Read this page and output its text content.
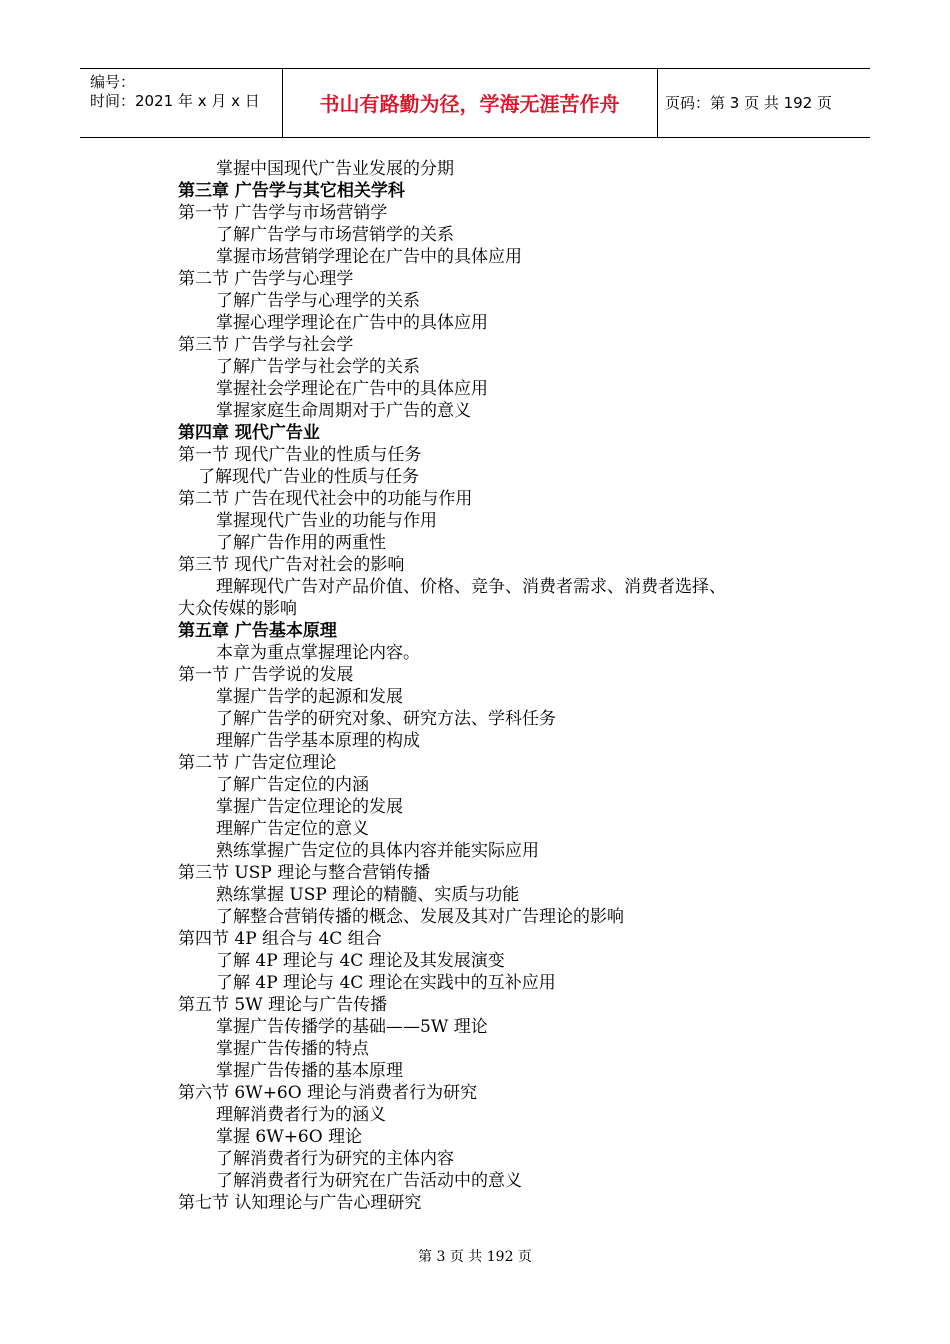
编号：
时间：2021 年 x 月 x 日	书山有路勤为径，学海无涯苦作舟	页码：第 3 页 共 192 页
掌握中国现代广告业发展的分期
第三章 广告学与其它相关学科
第一节 广告学与市场营销学
了解广告学与市场营销学的关系
掌握市场营销学理论在广告中的具体应用
第二节 广告学与心理学
了解广告学与心理学的关系
掌握心理学理论在广告中的具体应用
第三节 广告学与社会学
了解广告学与社会学的关系
掌握社会学理论在广告中的具体应用
掌握家庭生命周期对于广告的意义
第四章 现代广告业
第一节 现代广告业的性质与任务
了解现代广告业的性质与任务
第二节 广告在现代社会中的功能与作用
掌握现代广告业的功能与作用
了解广告作用的两重性
第三节 现代广告对社会的影响
理解现代广告对产品价值、价格、竞争、消费者需求、消费者选择、
大众传媒的影响
第五章 广告基本原理
本章为重点掌握理论内容。
第一节 广告学说的发展
掌握广告学的起源和发展
了解广告学的研究对象、研究方法、学科任务
理解广告学基本原理的构成
第二节 广告定位理论
了解广告定位的内涵
掌握广告定位理论的发展
理解广告定位的意义
熟练掌握广告定位的具体内容并能实际应用
第三节 USP 理论与整合营销传播
熟练掌握 USP 理论的精髓、实质与功能
了解整合营销传播的概念、发展及其对广告理论的影响
第四节 4P 组合与 4C 组合
了解 4P 理论与 4C 理论及其发展演变
了解 4P 理论与 4C 理论在实践中的互补应用
第五节 5W 理论与广告传播
掌握广告传播学的基础——5W 理论
掌握广告传播的特点
掌握广告传播的基本原理
第六节 6W+6O 理论与消费者行为研究
理解消费者行为的涵义
掌握 6W+6O 理论
了解消费者行为研究的主体内容
了解消费者行为研究在广告活动中的意义
第七节 认知理论与广告心理研究
第 3 页 共 192 页
